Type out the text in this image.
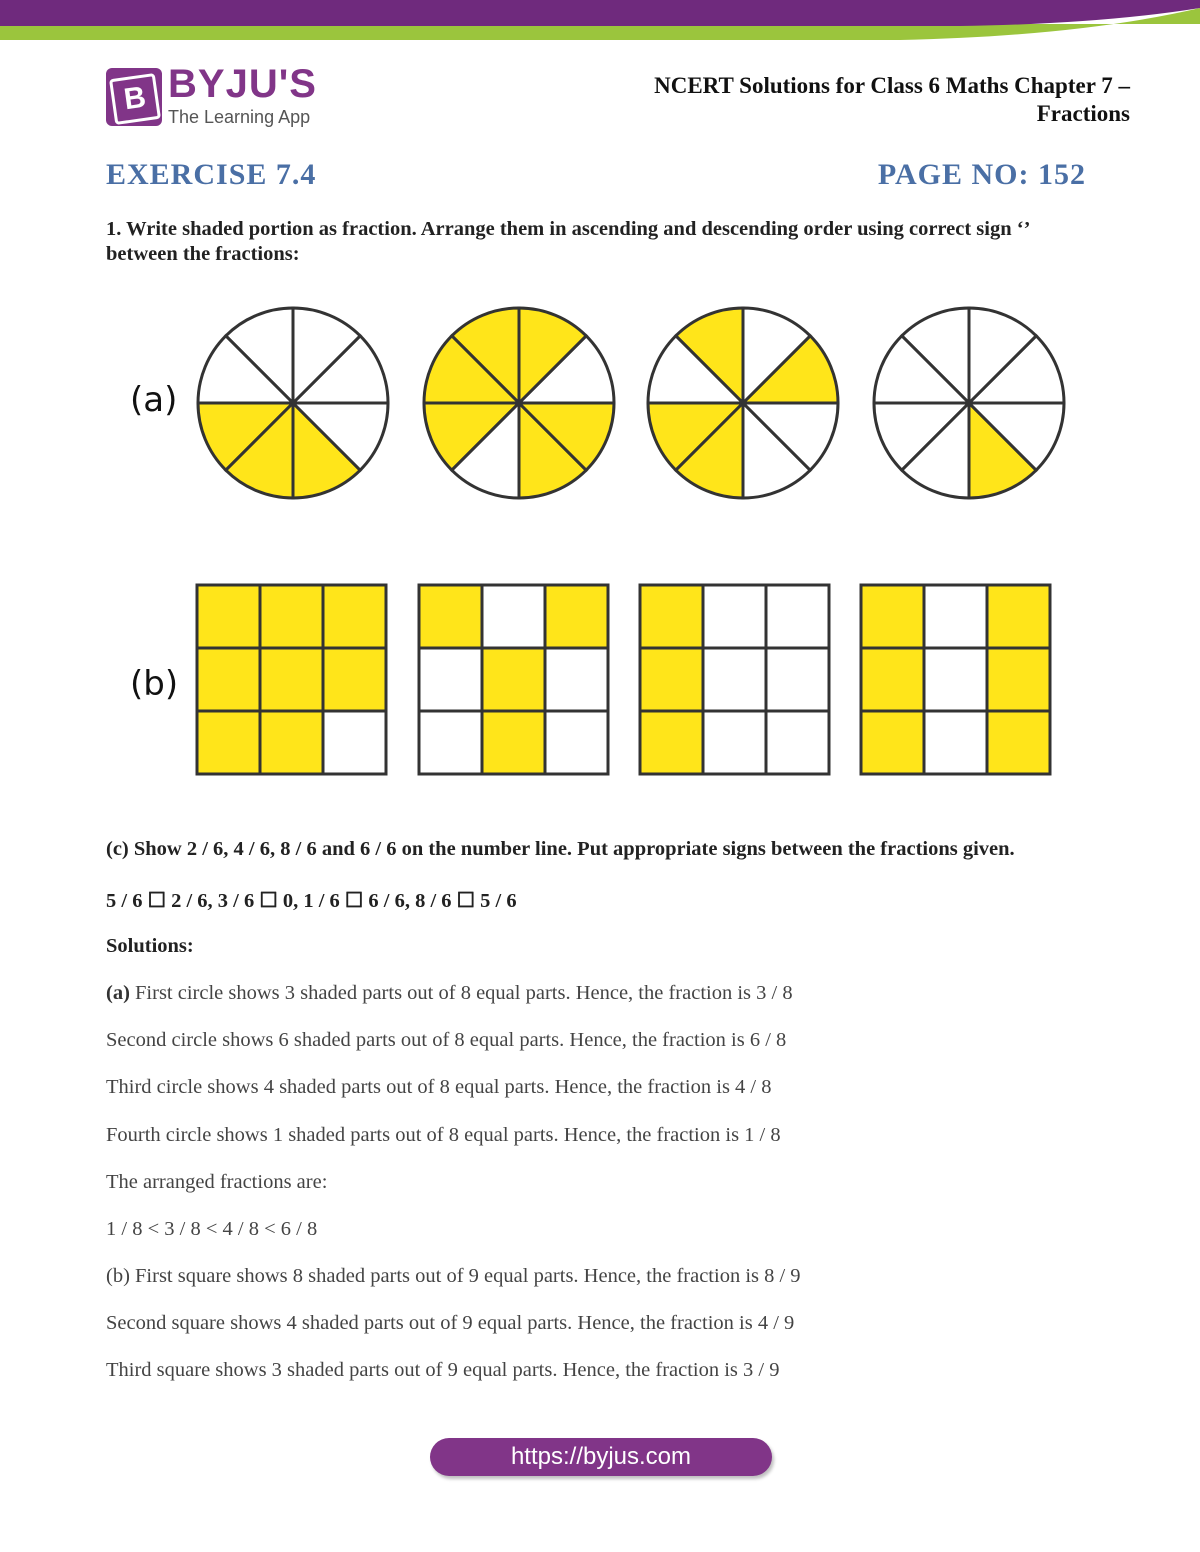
B BYJU'S
The Learning App
NCERT Solutions for Class 6 Maths Chapter 7 –
Fractions
EXERCISE 7.4	PAGE NO: 152
1. Write shaded portion as fraction. Arrange them in ascending and descending order using correct sign ‘’ between the fractions:
(a)
(b)
(c) Show 2 / 6, 4 / 6, 8 / 6 and 6 / 6 on the number line. Put appropriate signs between the fractions given.
5 / 6 ☐ 2 / 6, 3 / 6 ☐ 0, 1 / 6 ☐ 6 / 6, 8 / 6 ☐ 5 / 6
Solutions:
(a) First circle shows 3 shaded parts out of 8 equal parts. Hence, the fraction is 3 / 8
Second circle shows 6 shaded parts out of 8 equal parts. Hence, the fraction is 6 / 8
Third circle shows 4 shaded parts out of 8 equal parts. Hence, the fraction is 4 / 8
Fourth circle shows 1 shaded parts out of 8 equal parts. Hence, the fraction is 1 / 8
The arranged fractions are:
1 / 8 < 3 / 8 < 4 / 8 < 6 / 8
(b) First square shows 8 shaded parts out of 9 equal parts. Hence, the fraction is 8 / 9
Second square shows 4 shaded parts out of 9 equal parts. Hence, the fraction is 4 / 9
Third square shows 3 shaded parts out of 9 equal parts. Hence, the fraction is 3 / 9
https://byjus.com
